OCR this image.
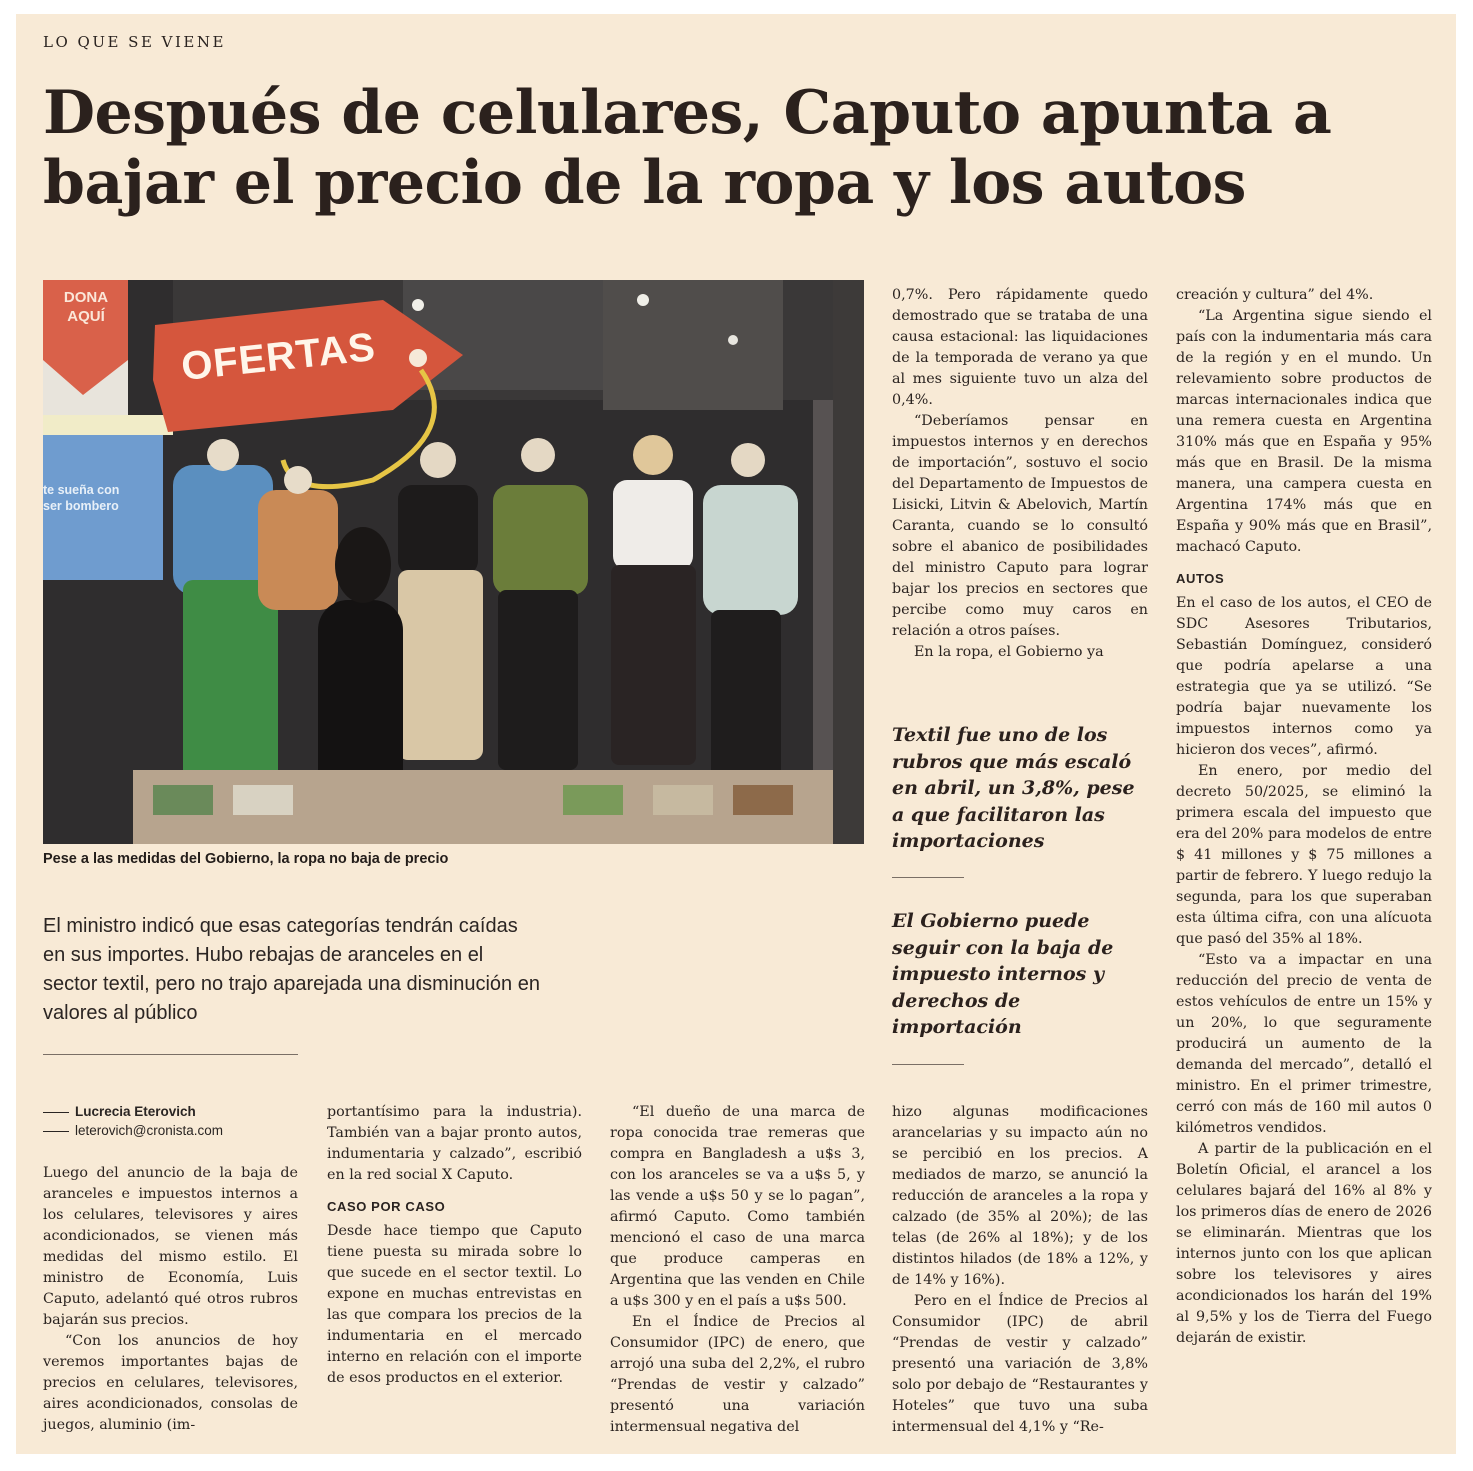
LO QUE SE VIENE
Después de celulares, Caputo apunta a
bajar el precio de la ropa y los autos
DONA
AQUÍ
OFERTAS
te sueña con
ser bombero
Pese a las medidas del Gobierno, la ropa no baja de precio
El ministro indicó que esas categorías tendrán caídas en sus importes. Hubo rebajas de aranceles en el sector textil, pero no trajo aparejada una disminución en valores al público
Lucrecia Eterovich
leterovich@cronista.com

Luego del anuncio de la baja de aranceles e impuestos internos a los celulares, televisores y aires acondicionados, se vienen más medidas del mismo estilo. El ministro de Economía, Luis Caputo, adelantó qué otros rubros bajarán sus precios.

“Con los anuncios de hoy veremos importantes bajas de precios en celulares, televisores, aires acondicionados, consolas de juegos, aluminio (im-

portantísimo para la industria). También van a bajar pronto autos, indumentaria y calzado”, escribió en la red social X Caputo.

CASO POR CASO

Desde hace tiempo que Caputo tiene puesta su mirada sobre lo que sucede en el sector textil. Lo expone en muchas entrevistas en las que compara los precios de la indumentaria en el mercado interno en relación con el importe de esos productos en el exterior.

“El dueño de una marca de ropa conocida trae remeras que compra en Bangladesh a u$s 3, con los aranceles se va a u$s 5, y las vende a u$s 50 y se lo pagan”, afirmó Caputo. Como también mencionó el caso de una marca que produce camperas en Argentina que las venden en Chile a u$s 300 y en el país a u$s 500.

En el Índice de Precios al Consumidor (IPC) de enero, que arrojó una suba del 2,2%, el rubro “Prendas de vestir y calzado” presentó una variación intermensual negativa del

0,7%. Pero rápidamente quedo demostrado que se trataba de una causa estacional: las liquidaciones de la temporada de verano ya que al mes siguiente tuvo un alza del 0,4%.

“Deberíamos pensar en impuestos internos y en derechos de importación”, sostuvo el socio del Departamento de Impuestos de Lisicki, Litvin & Abelovich, Martín Caranta, cuando se lo consultó sobre el abanico de posibilidades del ministro Caputo para lograr bajar los precios en sectores que percibe como muy caros en relación a otros países.

En la ropa, el Gobierno ya

Textil fue uno de los rubros que más escaló en abril, un 3,8%, pese a que facilitaron las importaciones
El Gobierno puede seguir con la baja de impuesto internos y derechos de importación

hizo algunas modificaciones arancelarias y su impacto aún no se percibió en los precios. A mediados de marzo, se anunció la reducción de aranceles a la ropa y calzado (de 35% al 20%); de las telas (de 26% al 18%); y de los distintos hilados (de 18% a 12%, y de 14% y 16%).

Pero en el Índice de Precios al Consumidor (IPC) de abril “Prendas de vestir y calzado” presentó una variación de 3,8% solo por debajo de “Restaurantes y Hoteles” que tuvo una suba intermensual del 4,1% y “Re-

creación y cultura” del 4%.

“La Argentina sigue siendo el país con la indumentaria más cara de la región y en el mundo. Un relevamiento sobre productos de marcas internacionales indica que una remera cuesta en Argentina 310% más que en España y 95% más que en Brasil. De la misma manera, una campera cuesta en Argentina 174% más que en España y 90% más que en Brasil”, machacó Caputo.

AUTOS

En el caso de los autos, el CEO de SDC Asesores Tributarios, Sebastián Domínguez, consideró que podría apelarse a una estrategia que ya se utilizó. “Se podría bajar nuevamente los impuestos internos como ya hicieron dos veces”, afirmó.

En enero, por medio del decreto 50/2025, se eliminó la primera escala del impuesto que era del 20% para modelos de entre $ 41 millones y $ 75 millones a partir de febrero. Y luego redujo la segunda, para los que superaban esta última cifra, con una alícuota que pasó del 35% al 18%.

“Esto va a impactar en una reducción del precio de venta de estos vehículos de entre un 15% y un 20%, lo que seguramente producirá un aumento de la demanda del mercado”, detalló el ministro. En el primer trimestre, cerró con más de 160 mil autos 0 kilómetros vendidos.

A partir de la publicación en el Boletín Oficial, el arancel a los celulares bajará del 16% al 8% y los primeros días de enero de 2026 se eliminarán. Mientras que los internos junto con los que aplican sobre los televisores y aires acondicionados los harán del 19% al 9,5% y los de Tierra del Fuego dejarán de existir.
